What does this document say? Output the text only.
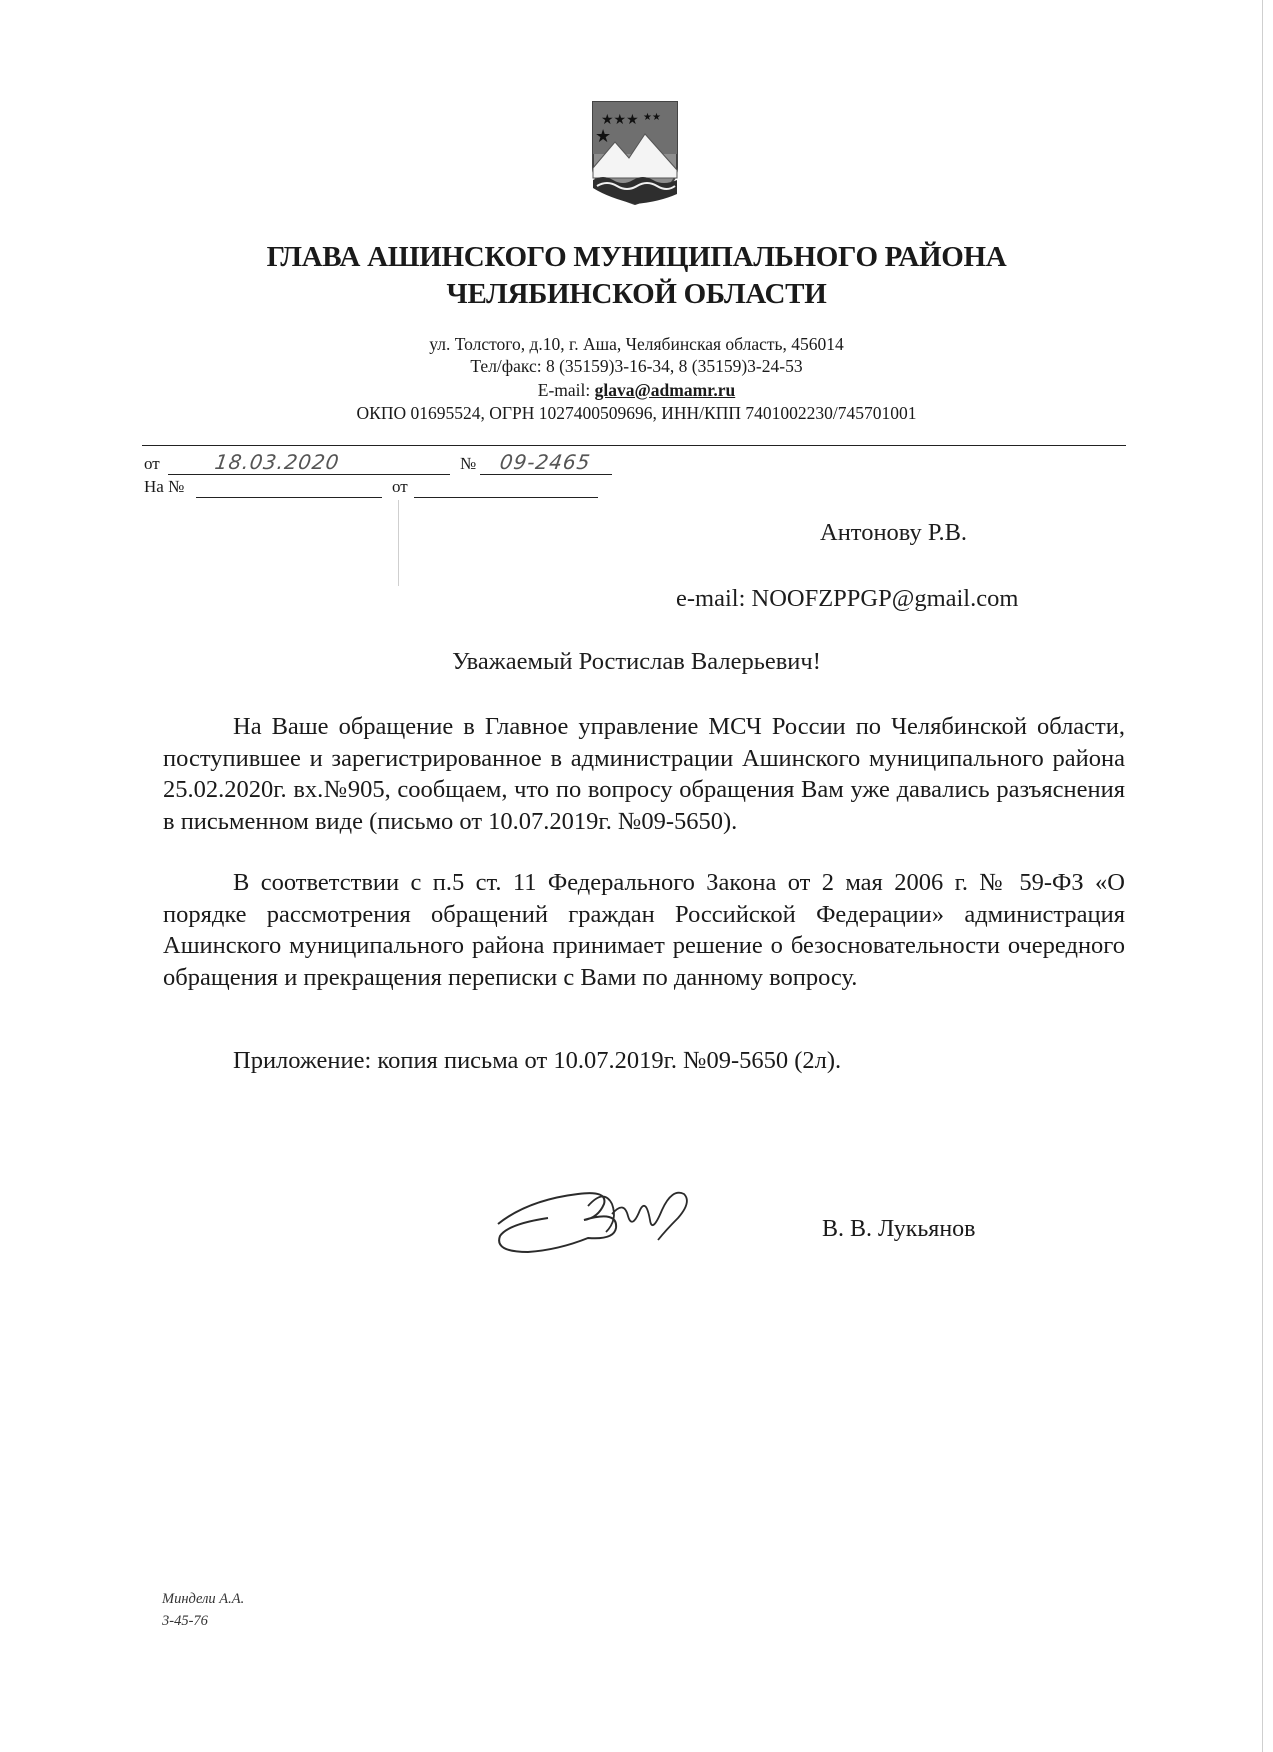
★★★
★
★★
ГЛАВА АШИНСКОГО МУНИЦИПАЛЬНОГО РАЙОНА
ЧЕЛЯБИНСКОЙ ОБЛАСТИ
ул. Толстого, д.10, г. Аша, Челябинская область, 456014
Тел/факс: 8 (35159)3-16-34, 8 (35159)3-24-53
E-mail: glava@admamr.ru
ОКПО 01695524, ОГРН 1027400509696, ИНН/КПП 7401002230/745701001
от	18.03.2020	№ 09-2465
На №	от
Антонову Р.В.
e-mail: NOOFZPPGP@gmail.com
Уважаемый Ростислав Валерьевич!
На Ваше обращение в Главное управление МСЧ России по Челябинской области, поступившее и зарегистрированное в администрации Ашинского муниципального района 25.02.2020г. вх.№905, сообщаем, что по вопросу обращения Вам уже давались разъяснения в письменном виде (письмо от 10.07.2019г. №09-5650).
В соответствии с п.5 ст. 11 Федерального Закона от 2 мая 2006 г. № 59-ФЗ «О порядке рассмотрения обращений граждан Российской Федерации» администрация Ашинского муниципального района принимает решение о безосновательности очередного обращения и прекращения переписки с Вами по данному вопросу.
Приложение: копия письма от 10.07.2019г. №09-5650 (2л).
В. В. Лукьянов
Миндели А.А.
3-45-76
